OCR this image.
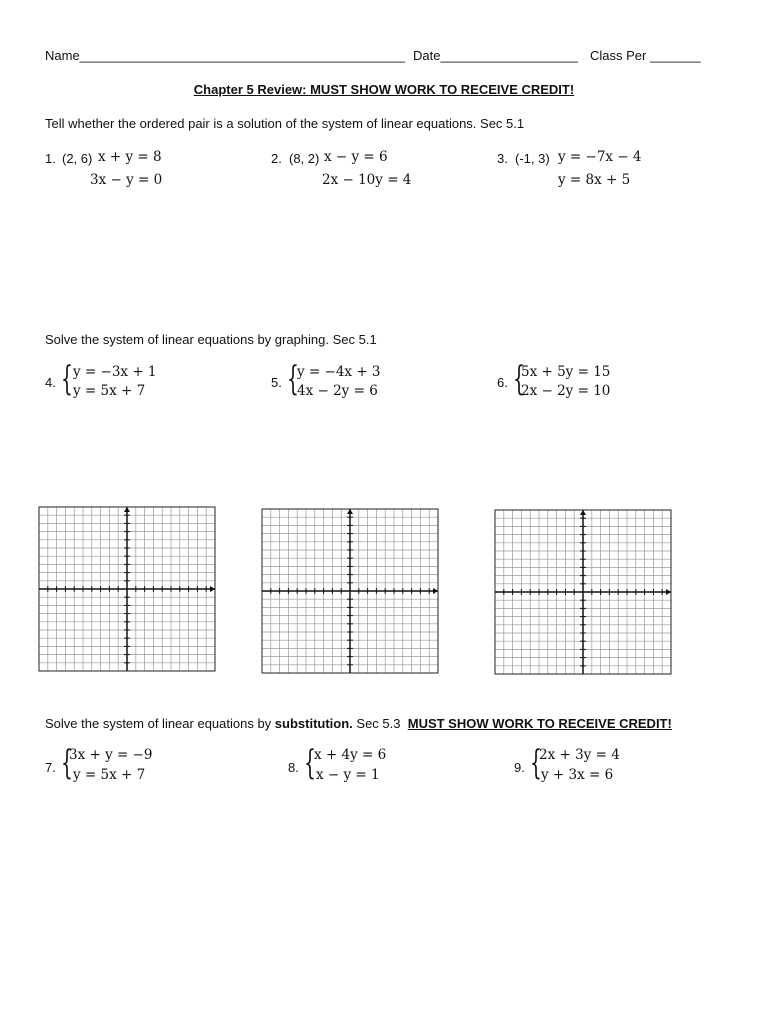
Name_____________________________________________ Date___________________ Class Per _______
Chapter 5 Review: MUST SHOW WORK TO RECEIVE CREDIT!
Tell whether the ordered pair is a solution of the system of linear equations. Sec 5.1
1. (2, 6) x + y = 8
3x − y = 0
2. (8, 2) x − y = 6
2x − 10y = 4
3. (-1, 3) y = −7x − 4
y = 8x + 5
Solve the system of linear equations by graphing. Sec 5.1
4. { y = −3x + 1
y = 5x + 7
5. {
y = −4x + 3
4x − 2y = 6
6. {
5x + 5y = 15
2x − 2y = 10
Solve the system of linear equations by substitution. Sec 5.3 MUST SHOW WORK TO RECEIVE CREDIT!
7. {
3x + y = −9
y = 5x + 7	8. {
x + 4y = 6
x − y = 1	9. {
2x + 3y = 4
y + 3x = 6
